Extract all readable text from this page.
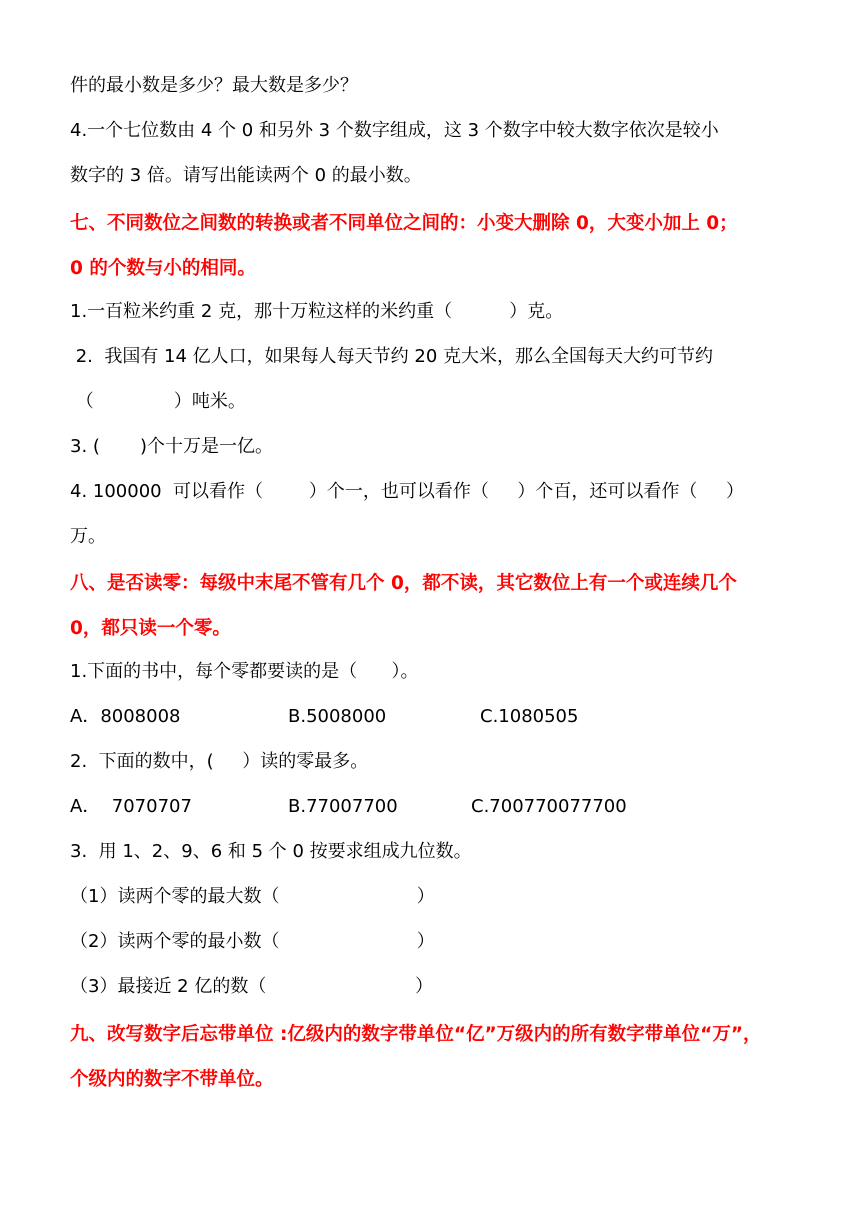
件的最小数是多少？最大数是多少？
4.一个七位数由 4 个 0 和另外 3 个数字组成，这 3 个数字中较大数字依次是较小
数字的 3 倍。请写出能读两个 0 的最小数。
七、不同数位之间数的转换或者不同单位之间的：小变大删除 0，大变小加上 0；
0 的个数与小的相同。
1.一百粒米约重 2 克，那十万粒这样的米约重（          ）克。
2.  我国有 14 亿人口，如果每人每天节约 20 克大米，那么全国每天大约可节约
（              ）吨米。
3. (       )个十万是一亿。
4. 100000  可以看作（        ）个一，也可以看作（     ）个百，还可以看作（     ）
万。
八、是否读零：每级中末尾不管有几个 0，都不读，其它数位上有一个或连续几个
0，都只读一个零。
1.下面的书中，每个零都要读的是（      ）。

A．8008008

	B.5008000

	C.1080505

2.  下面的数中，(     ）读的零最多。

A．  7070707

	B.77007700

	C.700770077700

3.  用 1、2、9、6 和 5 个 0 按要求组成九位数。
（1）读两个零的最大数（                        ）
（2）读两个零的最小数（                        ）
（3）最接近 2 亿的数（                          ）
九、改写数字后忘带单位 :亿级内的数字带单位“亿”万级内的所有数字带单位“万”，
个级内的数字不带单位。
